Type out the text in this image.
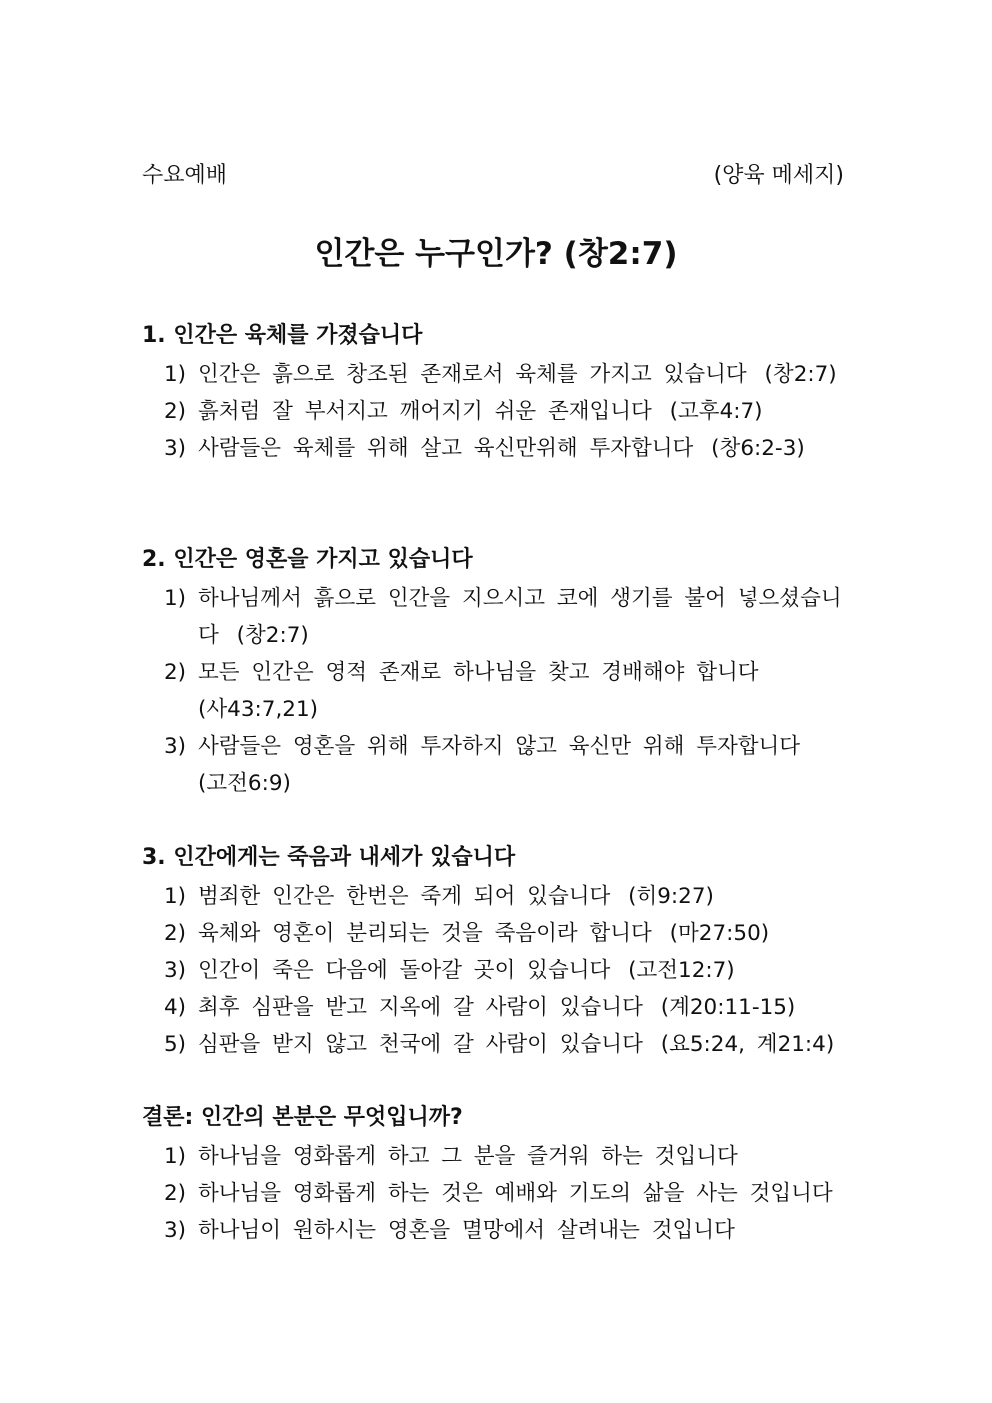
수요예배	(양육 메세지)
인간은 누구인가? (창2:7)
1. 인간은 육체를 가졌습니다
1) 인간은 흙으로 창조된 존재로서 육체를 가지고 있습니다 (창2:7)
2) 흙처럼 잘 부서지고 깨어지기 쉬운 존재입니다 (고후4:7)
3) 사람들은 육체를 위해 살고 육신만위해 투자합니다 (창6:2-3)
2. 인간은 영혼을 가지고 있습니다
1) 하나님께서 흙으로 인간을 지으시고 코에 생기를 불어 넣으셨습니다 (창2:7)
2) 모든 인간은 영적 존재로 하나님을 찾고 경배해야 합니다
(사43:7,21)
3) 사람들은 영혼을 위해 투자하지 않고 육신만 위해 투자합니다
(고전6:9)
3. 인간에게는 죽음과 내세가 있습니다
1) 범죄한 인간은 한번은 죽게 되어 있습니다 (히9:27)
2) 육체와 영혼이 분리되는 것을 죽음이라 합니다 (마27:50)
3) 인간이 죽은 다음에 돌아갈 곳이 있습니다 (고전12:7)
4) 최후 심판을 받고 지옥에 갈 사람이 있습니다 (계20:11-15)
5) 심판을 받지 않고 천국에 갈 사람이 있습니다 (요5:24, 계21:4)
결론: 인간의 본분은 무엇입니까?
1) 하나님을 영화롭게 하고 그 분을 즐거워 하는 것입니다
2) 하나님을 영화롭게 하는 것은 예배와 기도의 삶을 사는 것입니다
3) 하나님이 원하시는 영혼을 멸망에서 살려내는 것입니다
